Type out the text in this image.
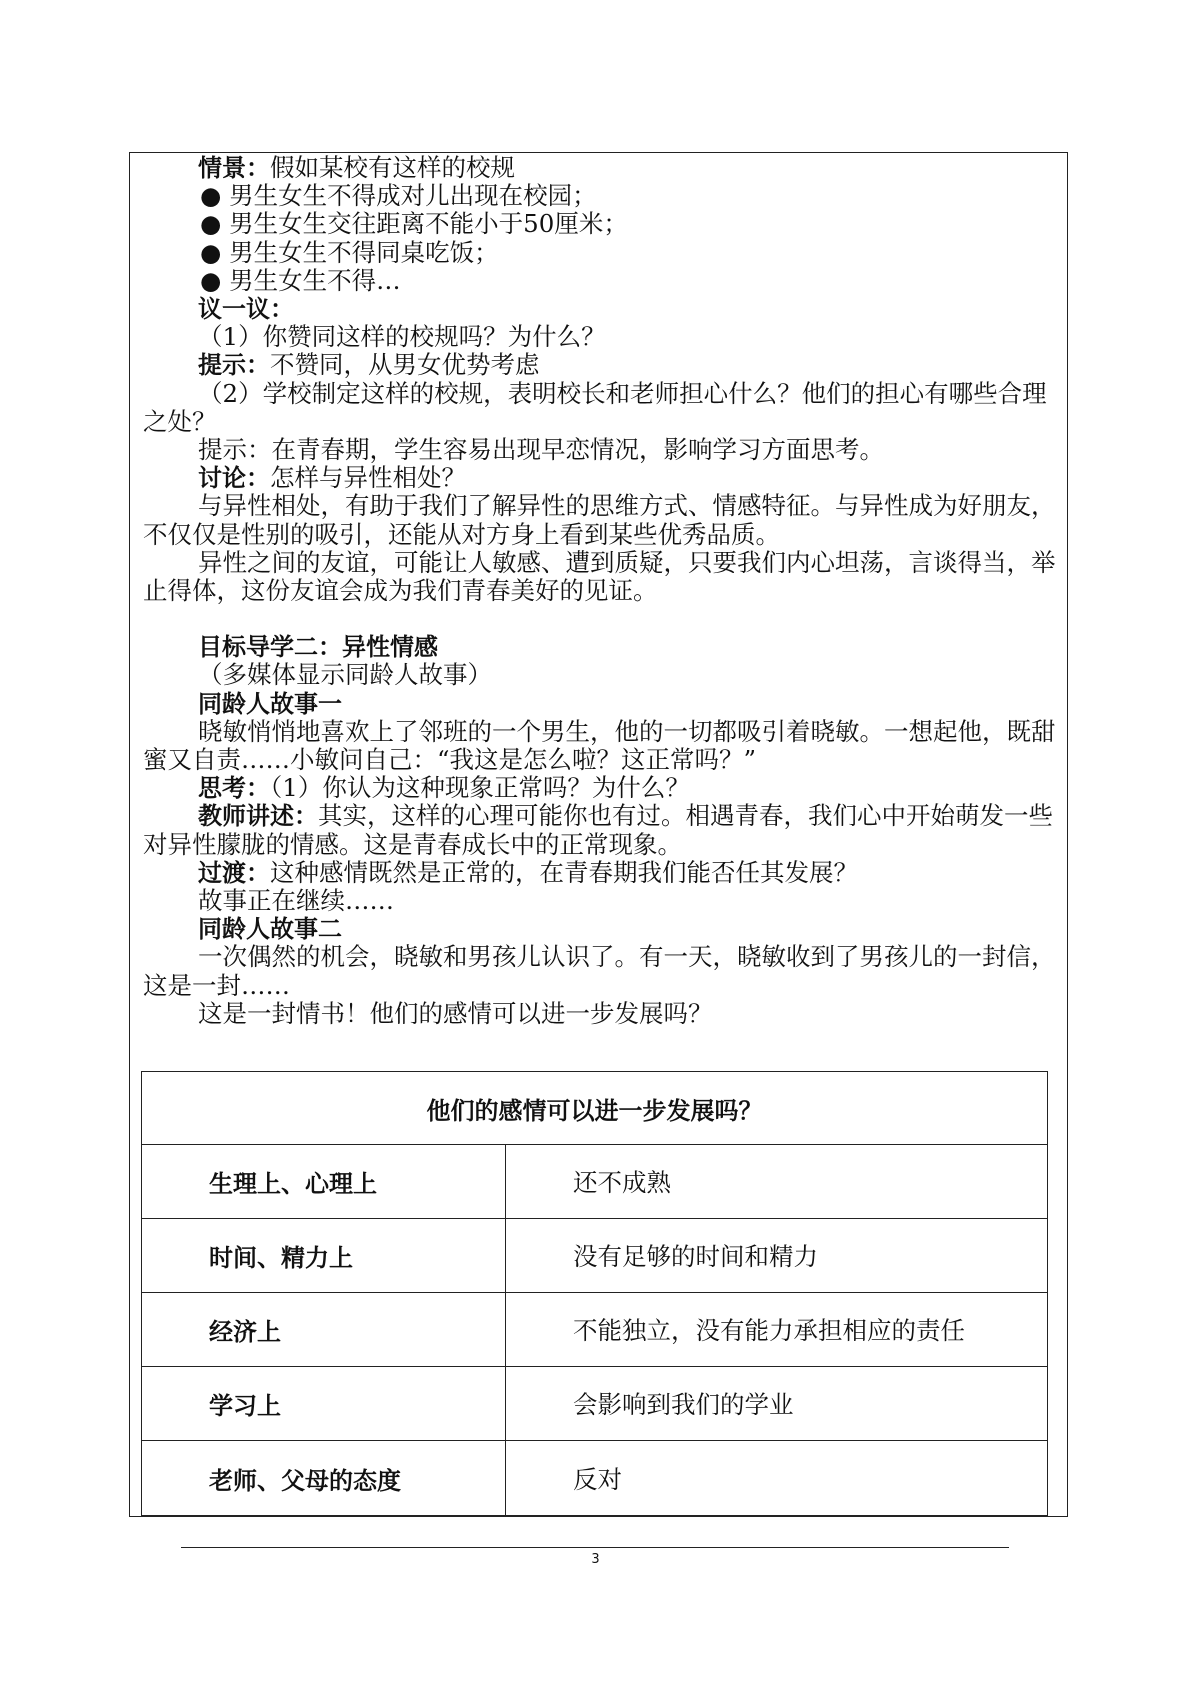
情景：假如某校有这样的校规

● 男生女生不得成对儿出现在校园；

● 男生女生交往距离不能小于50厘米；

● 男生女生不得同桌吃饭；

● 男生女生不得…

议一议：

（1）你赞同这样的校规吗？为什么？

提示：不赞同，从男女优势考虑

（2）学校制定这样的校规，表明校长和老师担心什么？他们的担心有哪些合理之处？

提示：在青春期，学生容易出现早恋情况，影响学习方面思考。

讨论：怎样与异性相处？

与异性相处，有助于我们了解异性的思维方式、情感特征。与异性成为好朋友，不仅仅是性别的吸引，还能从对方身上看到某些优秀品质。

异性之间的友谊，可能让人敏感、遭到质疑，只要我们内心坦荡，言谈得当，举止得体，这份友谊会成为我们青春美好的见证。

目标导学二：异性情感

（多媒体显示同龄人故事）

同龄人故事一

晓敏悄悄地喜欢上了邻班的一个男生，他的一切都吸引着晓敏。一想起他，既甜蜜又自责……小敏问自己：“我这是怎么啦？这正常吗？”

思考：（1）你认为这种现象正常吗？为什么？

教师讲述：其实，这样的心理可能你也有过。相遇青春，我们心中开始萌发一些对异性朦胧的情感。这是青春成长中的正常现象。

过渡：这种感情既然是正常的，在青春期我们能否任其发展？

故事正在继续……

同龄人故事二

一次偶然的机会，晓敏和男孩儿认识了。有一天，晓敏收到了男孩儿的一封信，这是一封……

这是一封情书！他们的感情可以进一步发展吗？

他们的感情可以进一步发展吗？
生理上、心理上	还不成熟
时间、精力上	没有足够的时间和精力
经济上	不能独立，没有能力承担相应的责任
学习上	会影响到我们的学业
老师、父母的态度	反对
3
